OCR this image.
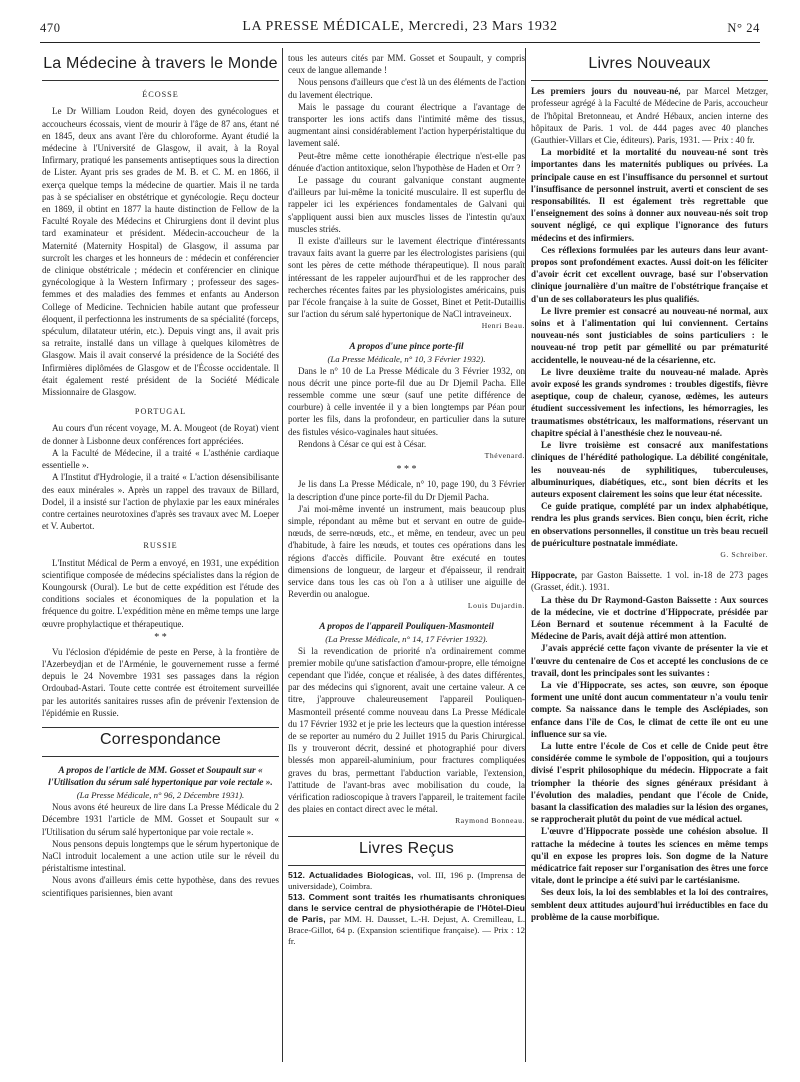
470	LA PRESSE MÉDICALE, Mercredi, 23 Mars 1932	N° 24
La Médecine à travers le Monde
ÉCOSSE

Le Dr William Loudon Reid, doyen des gynécologues et accoucheurs écossais, vient de mourir à l'âge de 87 ans, étant né en 1845, deux ans avant l'ère du chloroforme. Ayant étudié la médecine à l'Université de Glasgow, il avait, à la Royal Infirmary, pratiqué les pansements antiseptiques sous la direction de Lister. Ayant pris ses grades de M. B. et C. M. en 1866, il exerça quelque temps la médecine de quartier. Mais il ne tarda pas à se spécialiser en obstétrique et gynécologie. Reçu docteur en 1869, il obtint en 1877 la haute distinction de Fellow de la Faculté Royale des Médecins et Chirurgiens dont il devint plus tard examinateur et président. Médecin-accoucheur de la Maternité (Maternity Hospital) de Glasgow, il assuma par surcroît les charges et les honneurs de : médecin et conférencier de clinique obstétricale ; médecin et conférencier en clinique gynécologique à la Western Infirmary ; professeur des sages-femmes et des maladies des femmes et enfants au Anderson College of Medicine. Technicien habile autant que professeur éloquent, il perfectionna les instruments de sa spécialité (forceps, spéculum, dilatateur utérin, etc.). Depuis vingt ans, il avait pris sa retraite, installé dans un village à quelques kilomètres de Glasgow. Mais il avait conservé la présidence de la Société des Infirmières diplômées de Glasgow et de l'Écosse occidentale. Il était également resté président de la Société Médicale Missionnaire de Glasgow.

PORTUGAL

Au cours d'un récent voyage, M. A. Mougeot (de Royat) vient de donner à Lisbonne deux conférences fort appréciées.

A la Faculté de Médecine, il a traité « L'asthénie cardiaque essentielle ».

A l'Institut d'Hydrologie, il a traité « L'action désensibilisante des eaux minérales ». Après un rappel des travaux de Billard, Dodel, il a insisté sur l'action de phylaxie par les eaux minérales contre certaines neurotoxines d'après ses travaux avec M. Loeper et V. Aubertot.

RUSSIE

L'Institut Médical de Perm a envoyé, en 1931, une expédition scientifique composée de médecins spécialistes dans la région de Koungoursk (Oural). Le but de cette expédition est l'étude des conditions sociales et économiques de la population et la fréquence du goitre. L'expédition mène en même temps une large œuvre prophylactique et thérapeutique.

* *

Vu l'éclosion d'épidémie de peste en Perse, à la frontière de l'Azerbeydjan et de l'Arménie, le gouvernement russe a fermé depuis le 24 Novembre 1931 ses passages dans la région Ordoubad-Astari. Toute cette contrée est étroitement surveillée par les autorités sanitaires russes afin de prévenir l'extension de l'épidémie en Russie.

Correspondance
A propos de l'article de MM. Gosset et Soupault sur « l'Utilisation du sérum salé hypertonique par voie rectale ».
(La Presse Médicale, n° 96, 2 Décembre 1931).

Nous avons été heureux de lire dans La Presse Médicale du 2 Décembre 1931 l'article de MM. Gosset et Soupault sur « l'Utilisation du sérum salé hypertonique par voie rectale ».

Nous pensons depuis longtemps que le sérum hypertonique de NaCl introduit localement a une action utile sur le réveil du péristaltisme intestinal.

Nous avons d'ailleurs émis cette hypothèse, dans des revues scientifiques parisiennes, bien avant

tous les auteurs cités par MM. Gosset et Soupault, y compris ceux de langue allemande !

Nous pensons d'ailleurs que c'est là un des éléments de l'action du lavement électrique.

Mais le passage du courant électrique a l'avantage de transporter les ions actifs dans l'intimité même des tissus, augmentant ainsi considérablement l'action hyperpéristaltique du lavement salé.

Peut-être même cette ionothérapie électrique n'est-elle pas dénuée d'action antitoxique, selon l'hypothèse de Haden et Orr ?

Le passage du courant galvanique constant augmente d'ailleurs par lui-même la tonicité musculaire. Il est superflu de rappeler ici les expériences fondamentales de Galvani qui s'appliquent aussi bien aux muscles lisses de l'intestin qu'aux muscles striés.

Il existe d'ailleurs sur le lavement électrique d'intéressants travaux faits avant la guerre par les électrologistes parisiens (qui sont les pères de cette méthode thérapeutique). Il nous paraît intéressant de les rappeler aujourd'hui et de les rapprocher des recherches récentes faites par les physiologistes américains, puis par l'école française à la suite de Gosset, Binet et Petit-Dutaillis sur l'action du sérum salé hypertonique de NaCl intraveineux.

Henri Beau.
A propos d'une pince porte-fil
(La Presse Médicale, n° 10, 3 Février 1932).

Dans le n° 10 de La Presse Médicale du 3 Février 1932, on nous décrit une pince porte-fil due au Dr Djemil Pacha. Elle ressemble comme une sœur (sauf une petite différence de courbure) à celle inventée il y a bien longtemps par Péan pour porter les fils, dans la profondeur, en particulier dans la suture des fistules vésico-vaginales haut situées.

Rendons à César ce qui est à César.

Thévenard.
* * *

Je lis dans La Presse Médicale, n° 10, page 190, du 3 Février la description d'une pince porte-fil du Dr Djemil Pacha.

J'ai moi-même inventé un instrument, mais beaucoup plus simple, répondant au même but et servant en outre de guide-nœuds, de serre-nœuds, etc., et même, en tendeur, avec un peu d'habitude, à faire les nœuds, et toutes ces opérations dans les régions d'accès difficile. Pouvant être exécuté en toutes dimensions de longueur, de largeur et d'épaisseur, il rendrait service dans tous les cas où l'on a à utiliser une aiguille de Reverdin ou analogue.

Louis Dujardin.
A propos de l'appareil Pouliquen-Masmonteil
(La Presse Médicale, n° 14, 17 Février 1932).

Si la revendication de priorité n'a ordinairement comme premier mobile qu'une satisfaction d'amour-propre, elle témoigne cependant que l'idée, conçue et réalisée, à des dates différentes, par des médecins qui s'ignorent, avait une certaine valeur. A ce titre, j'approuve chaleureusement l'appareil Pouliquen-Masmonteil présenté comme nouveau dans La Presse Médicale du 17 Février 1932 et je prie les lecteurs que la question intéresse de se reporter au numéro du 2 Juillet 1915 du Paris Chirurgical. Ils y trouveront décrit, dessiné et photographié pour divers blessés mon appareil-aluminium, pour fractures compliquées graves du bras, permettant l'abduction variable, l'extension, l'attitude de l'avant-bras avec mobilisation du coude, la vérification radioscopique à travers l'appareil, le traitement facile des plaies en contact direct avec le métal.

Raymond Bonneau.
Livres Reçus

512. Actualidades Biologicas, vol. III, 196 p. (Imprensa de universidade), Coimbra.

513. Comment sont traités les rhumatisants chroniques dans le service central de physiothérapie de l'Hôtel-Dieu de Paris, par MM. H. Dausset, L.-H. Dejust, A. Cremilleau, L. Brace-Gillot, 64 p. (Expansion scientifique française). — Prix : 12 fr.

Livres Nouveaux

Les premiers jours du nouveau-né, par Marcel Metzger, professeur agrégé à la Faculté de Médecine de Paris, accoucheur de l'hôpital Bretonneau, et André Hébaux, ancien interne des hôpitaux de Paris. 1 vol. de 444 pages avec 40 planches (Gauthier-Villars et Cie, éditeurs). Paris, 1931. — Prix : 40 fr.

La morbidité et la mortalité du nouveau-né sont très importantes dans les maternités publiques ou privées. La principale cause en est l'insuffisance du personnel et surtout l'insuffisance de personnel instruit, averti et conscient de ses responsabilités. Il est également très regrettable que l'enseignement des soins à donner aux nouveau-nés soit trop souvent négligé, ce qui explique l'ignorance des futurs médecins et des infirmiers.

Ces réflexions formulées par les auteurs dans leur avant-propos sont profondément exactes. Aussi doit-on les féliciter d'avoir écrit cet excellent ouvrage, basé sur l'observation clinique journalière d'un maître de l'obstétrique française et d'un de ses collaborateurs les plus qualifiés.

Le livre premier est consacré au nouveau-né normal, aux soins et à l'alimentation qui lui conviennent. Certains nouveau-nés sont justiciables de soins particuliers : le nouveau-né trop petit par gémellité ou par prématurité accidentelle, le nouveau-né de la césarienne, etc.

Le livre deuxième traite du nouveau-né malade. Après avoir exposé les grands syndromes : troubles digestifs, fièvre aseptique, coup de chaleur, cyanose, œdèmes, les auteurs étudient successivement les infections, les hémorragies, les traumatismes obstétricaux, les malformations, réservant un chapitre spécial à l'anesthésie chez le nouveau-né.

Le livre troisième est consacré aux manifestations cliniques de l'hérédité pathologique. La débilité congénitale, les nouveau-nés de syphilitiques, tuberculeuses, albuminuriques, diabétiques, etc., sont bien décrits et les auteurs exposent clairement les soins que leur état nécessite.

Ce guide pratique, complété par un index alphabétique, rendra les plus grands services. Bien conçu, bien écrit, riche en observations personnelles, il constitue un très beau recueil de puériculture postnatale immédiate.

G. Schreiber.

Hippocrate, par Gaston Baissette. 1 vol. in-18 de 273 pages (Grasset, édit.). 1931.

La thèse du Dr Raymond-Gaston Baissette : Aux sources de la médecine, vie et doctrine d'Hippocrate, présidée par Léon Bernard et soutenue récemment à la Faculté de Médecine de Paris, avait déjà attiré mon attention.

J'avais apprécié cette façon vivante de présenter la vie et l'œuvre du centenaire de Cos et accepté les conclusions de ce travail, dont les principales sont les suivantes :

La vie d'Hippocrate, ses actes, son œuvre, son époque forment une unité dont aucun commentateur n'a voulu tenir compte. Sa naissance dans le temple des Asclépiades, son enfance dans l'île de Cos, le climat de cette île ont eu une influence sur sa vie.

La lutte entre l'école de Cos et celle de Cnide peut être considérée comme le symbole de l'opposition, qui a toujours divisé l'esprit philosophique du médecin. Hippocrate a fait triompher la théorie des signes généraux présidant à l'évolution des maladies, pendant que l'école de Cnide, basant la classification des maladies sur la lésion des organes, se rapprocherait plutôt du point de vue médical actuel.

L'œuvre d'Hippocrate possède une cohésion absolue. Il rattache la médecine à toutes les sciences en même temps qu'il en expose les propres lois. Son dogme de la Nature médicatrice fait reposer sur l'organisation des êtres une force vitale, dont le principe a été suivi par le cartésianisme.

Ses deux lois, la loi des semblables et la loi des contraires, semblent deux attitudes aujourd'hui irréductibles en face du problème de la cause morbifique.
